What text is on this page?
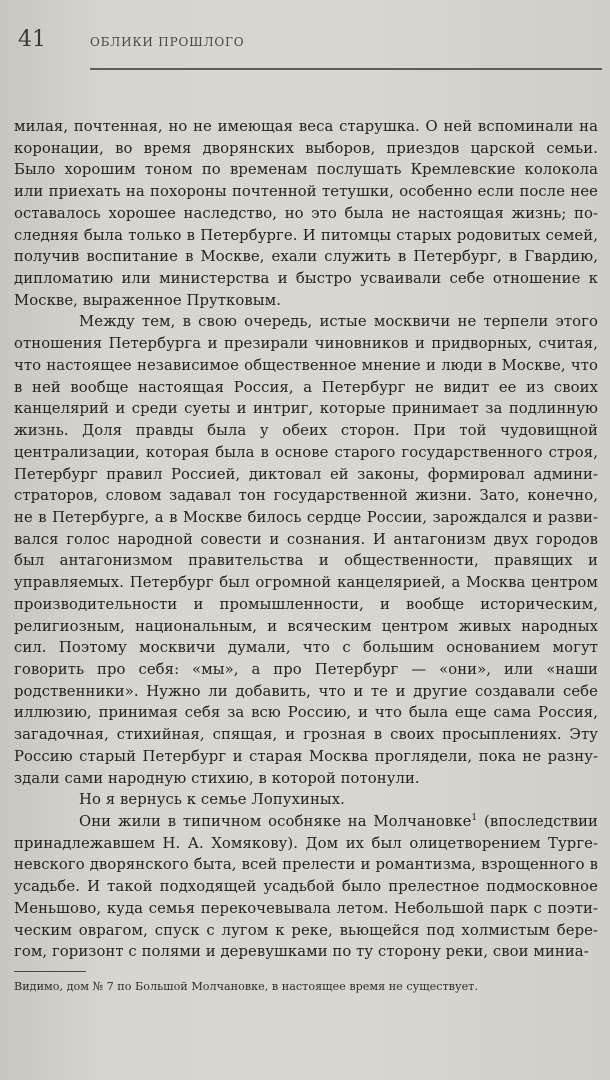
41	ОБЛИКИ ПРОШЛОГО

милая, почтенная, но не имеющая веса старушка. О ней вспоминали на коронации, во время дворянских выборов, приездов царской семьи. Было хорошим тоном по временам послушать Кремлевские колокола или приехать на похороны почтенной тетушки, особенно если после нее оставалось хорошее наследство, но это была не настоящая жизнь; последняя была только в Петербурге. И питомцы старых родовитых семей, получив воспитание в Москве, ехали служить в Петербург, в Гвардию, дипломатию или министерства и быстро усваивали себе отношение к Москве, выраженное Прутковым.

Между тем, в свою очередь, истые москвичи не терпели этого отношения Петербурга и презирали чиновников и придворных, считая, что настоящее независимое общественное мнение и люди в Москве, что в ней вообще настоящая Россия, а Петербург не видит ее из своих канцелярий и среди суеты и интриг, которые принимает за подлинную жизнь. Доля правды была у обеих сторон. При той чудовищной централизации, которая была в основе старого государственного строя, Петербург правил Россией, диктовал ей законы, формировал администраторов, словом задавал тон государственной жизни. Зато, конечно, не в Петербурге, а в Москве билось сердце России, зарождался и развивался голос народной совести и сознания. И антагонизм двух городов был антагонизмом правительства и общественности, правящих и управляемых. Петербург был огромной канцелярией, а Москва центром производительности и промышленности, и вообще историческим, религиозным, национальным, и всяческим центром живых народных сил. Поэтому москвичи думали, что с большим основанием могут говорить про себя: «мы», а про Петербург — «они», или «наши родственники». Нужно ли добавить, что и те и другие создавали себе иллюзию, принимая себя за всю Россию, и что была еще сама Россия, загадочная, стихийная, спящая, и грозная в своих просыплениях. Эту Россию старый Петербург и старая Москва проглядели, пока не разнуздали сами народную стихию, в которой потонули.

Но я вернусь к семье Лопухиных.

Они жили в типичном особняке на Молчановке$^1$ (впоследствии принадлежавшем Н. А. Хомякову). Дом их был олицетворением Тургеневского дворянского быта, всей прелести и романтизма, взрощенного в усадьбе. И такой подходящей усадьбой было прелестное подмосковное Меньшово, куда семья перекочевывала летом. Небольшой парк с поэтическим оврагом, спуск с лугом к реке, вьющейся под холмистым берегом, горизонт с полями и деревушками по ту сторону реки, свои миниа-

Видимо, дом № 7 по Большой Молчановке, в настоящее время не существует.
